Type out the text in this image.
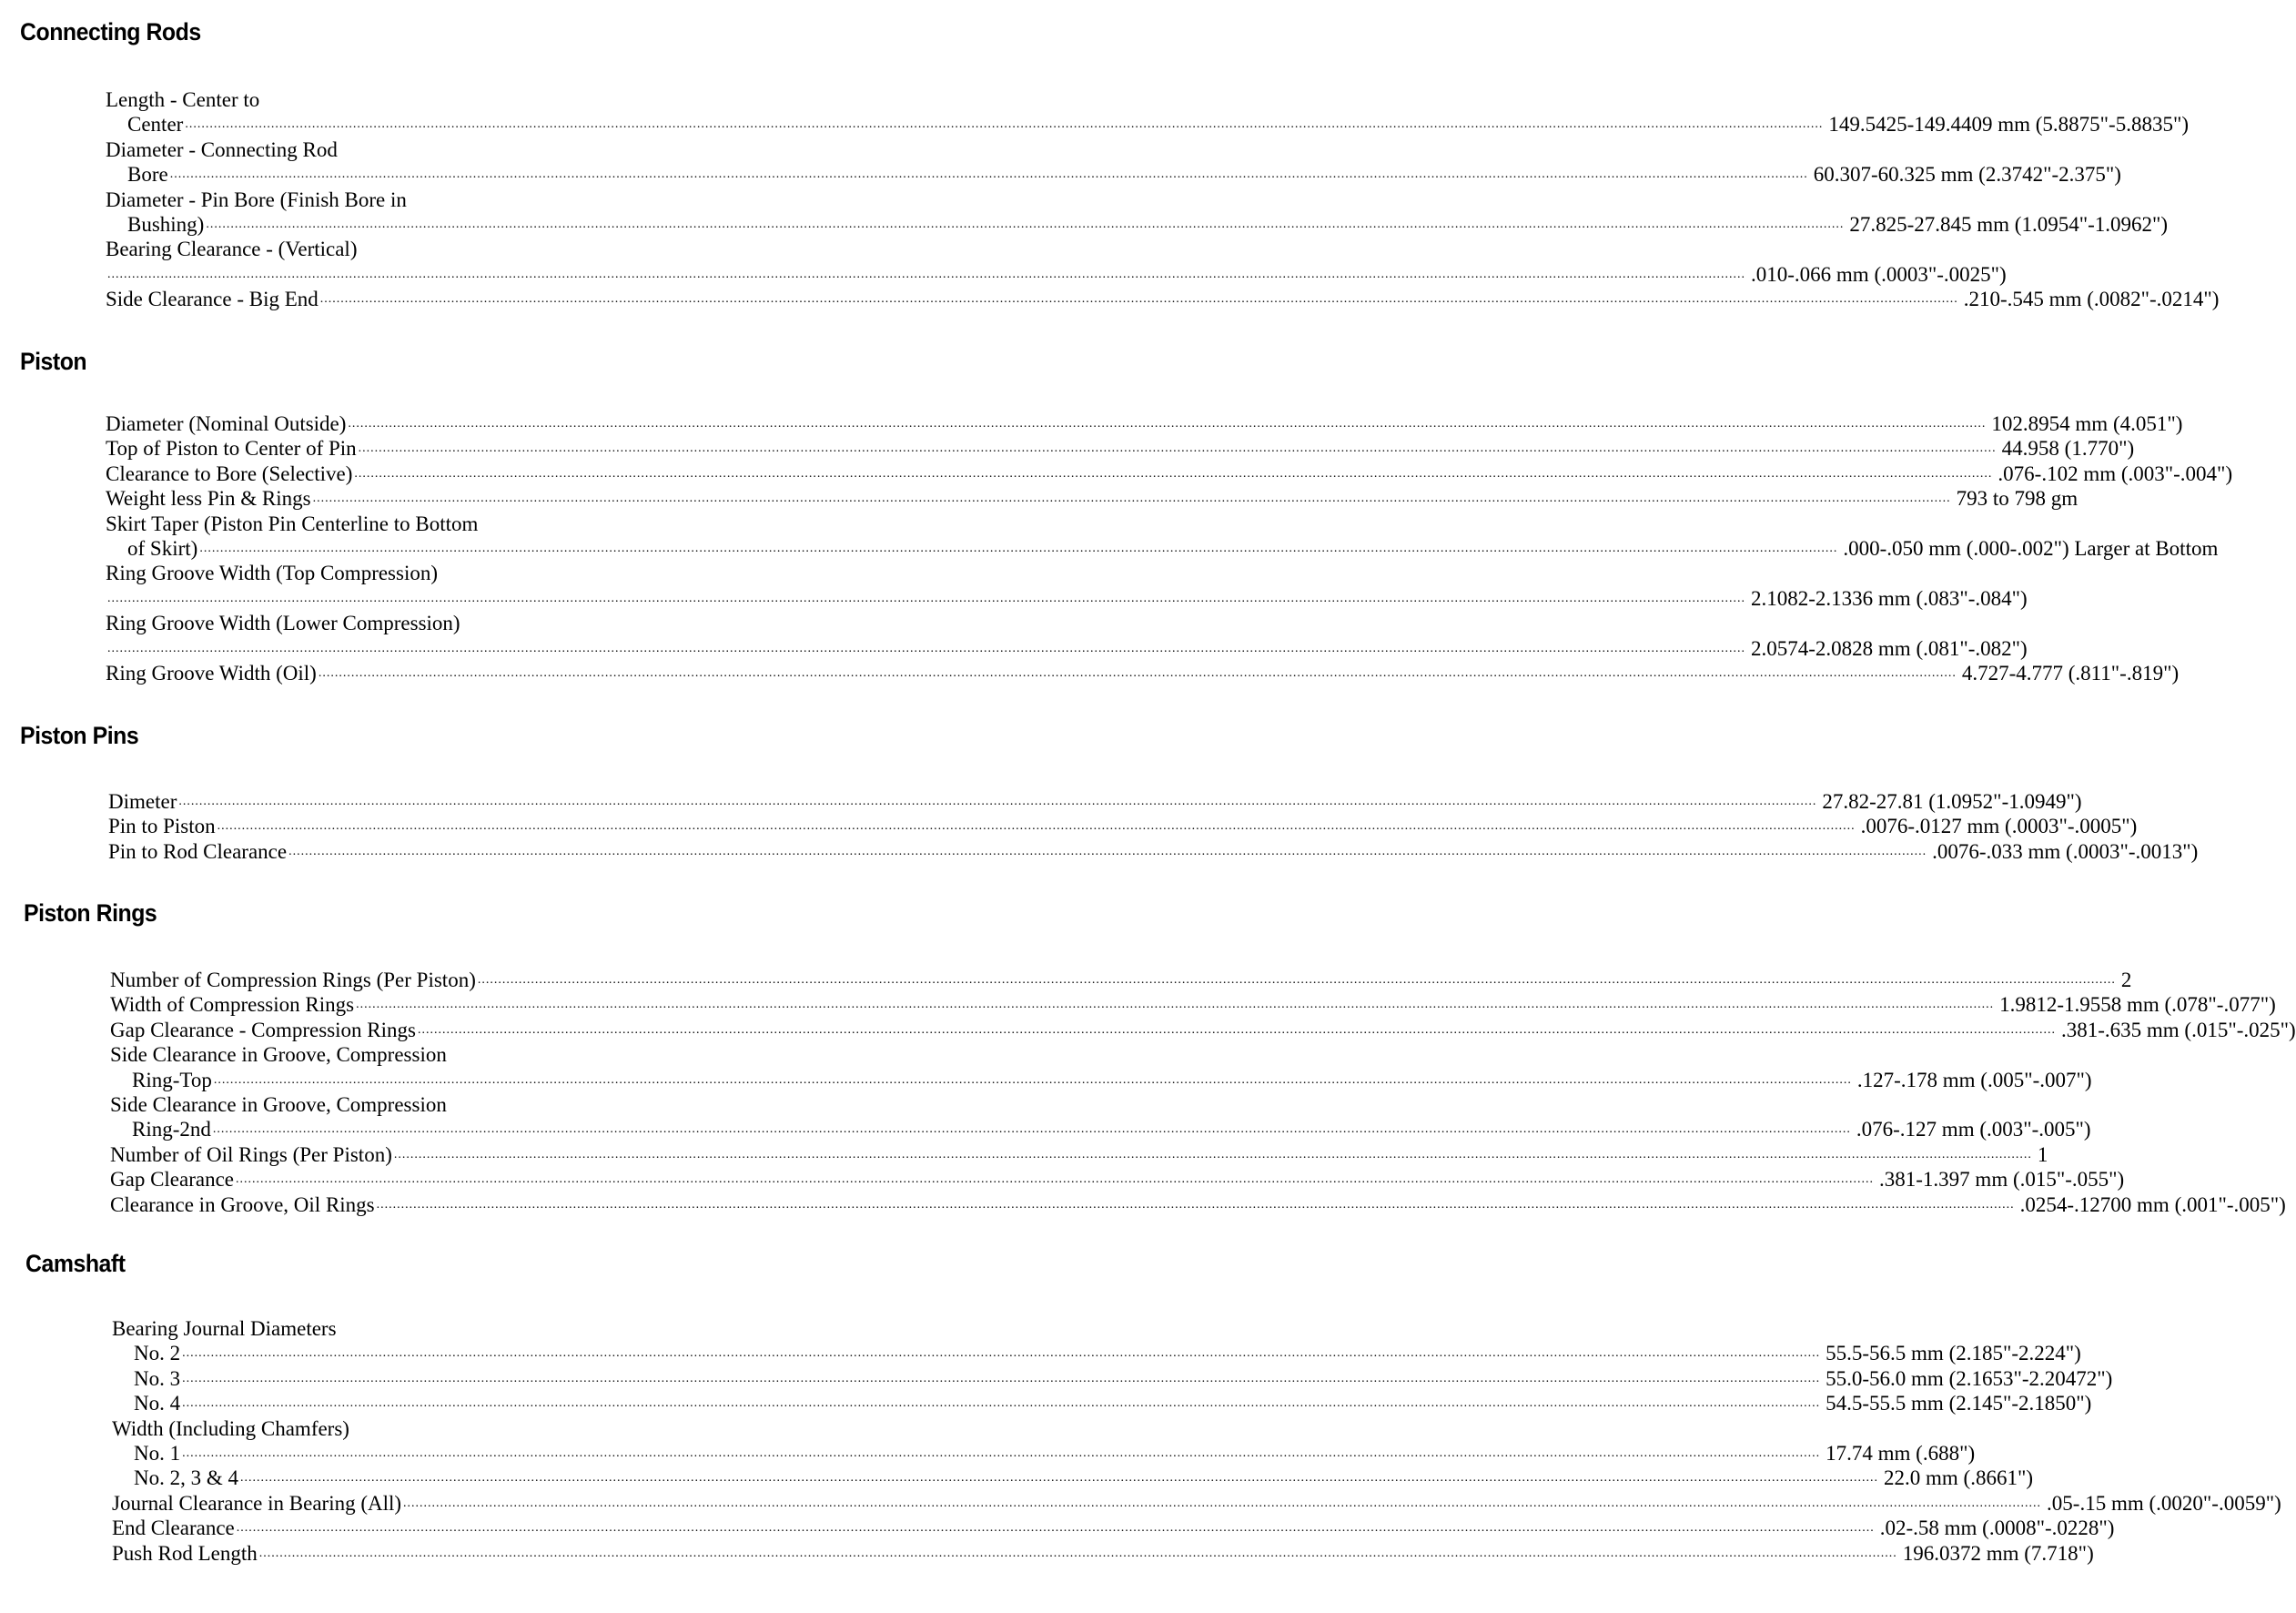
Connecting Rods
Length - Center to
Center ................................................................................................................................................................................................................................................................................................................................................................................................................ 149.5425-149.4409 mm (5.8875"-5.8835")
Diameter - Connecting Rod
Bore ................................................................................................................................................................................................................................................................................................................................................................................................................ 60.307-60.325 mm (2.3742"-2.375")
Diameter - Pin Bore (Finish Bore in
Bushing) ................................................................................................................................................................................................................................................................................................................................................................................................................ 27.825-27.845 mm (1.0954"-1.0962")
Bearing Clearance - (Vertical)
................................................................................................................................................................................................................................................................................................................................................................................................................ .010-.066 mm (.0003"-.0025")
Side Clearance - Big End ................................................................................................................................................................................................................................................................................................................................................................................................................ .210-.545 mm (.0082"-.0214")
Piston
Diameter (Nominal Outside) ................................................................................................................................................................................................................................................................................................................................................................................................................ 102.8954 mm (4.051")
Top of Piston to Center of Pin ................................................................................................................................................................................................................................................................................................................................................................................................................ 44.958 (1.770")
Clearance to Bore (Selective) ................................................................................................................................................................................................................................................................................................................................................................................................................ .076-.102 mm (.003"-.004")
Weight less Pin & Rings ................................................................................................................................................................................................................................................................................................................................................................................................................ 793 to 798 gm
Skirt Taper (Piston Pin Centerline to Bottom
of Skirt) ................................................................................................................................................................................................................................................................................................................................................................................................................ .000-.050 mm (.000-.002") Larger at Bottom
Ring Groove Width (Top Compression)
................................................................................................................................................................................................................................................................................................................................................................................................................ 2.1082-2.1336 mm (.083"-.084")
Ring Groove Width (Lower Compression)
................................................................................................................................................................................................................................................................................................................................................................................................................ 2.0574-2.0828 mm (.081"-.082")
Ring Groove Width (Oil) ................................................................................................................................................................................................................................................................................................................................................................................................................ 4.727-4.777 (.811"-.819")
Piston Pins
Dimeter ................................................................................................................................................................................................................................................................................................................................................................................................................ 27.82-27.81 (1.0952"-1.0949")
Pin to Piston ................................................................................................................................................................................................................................................................................................................................................................................................................ .0076-.0127 mm (.0003"-.0005")
Pin to Rod Clearance ................................................................................................................................................................................................................................................................................................................................................................................................................ .0076-.033 mm (.0003"-.0013")
Piston Rings
Number of Compression Rings (Per Piston) ................................................................................................................................................................................................................................................................................................................................................................................................................ 2
Width of Compression Rings ................................................................................................................................................................................................................................................................................................................................................................................................................ 1.9812-1.9558 mm (.078"-.077")
Gap Clearance - Compression Rings ................................................................................................................................................................................................................................................................................................................................................................................................................ .381-.635 mm (.015"-.025")
Side Clearance in Groove, Compression
Ring-Top ................................................................................................................................................................................................................................................................................................................................................................................................................ .127-.178 mm (.005"-.007")
Side Clearance in Groove, Compression
Ring-2nd ................................................................................................................................................................................................................................................................................................................................................................................................................ .076-.127 mm (.003"-.005")
Number of Oil Rings (Per Piston) ................................................................................................................................................................................................................................................................................................................................................................................................................ 1
Gap Clearance ................................................................................................................................................................................................................................................................................................................................................................................................................ .381-1.397 mm (.015"-.055")
Clearance in Groove, Oil Rings ................................................................................................................................................................................................................................................................................................................................................................................................................ .0254-.12700 mm (.001"-.005")
Camshaft
Bearing Journal Diameters
No. 2 ................................................................................................................................................................................................................................................................................................................................................................................................................ 55.5-56.5 mm (2.185"-2.224")
No. 3 ................................................................................................................................................................................................................................................................................................................................................................................................................ 55.0-56.0 mm (2.1653"-2.20472")
No. 4 ................................................................................................................................................................................................................................................................................................................................................................................................................ 54.5-55.5 mm (2.145"-2.1850")
Width (Including Chamfers)
No. 1 ................................................................................................................................................................................................................................................................................................................................................................................................................ 17.74 mm (.688")
No. 2, 3 & 4 ................................................................................................................................................................................................................................................................................................................................................................................................................ 22.0 mm (.8661")
Journal Clearance in Bearing (All) ................................................................................................................................................................................................................................................................................................................................................................................................................ .05-.15 mm (.0020"-.0059")
End Clearance ................................................................................................................................................................................................................................................................................................................................................................................................................ .02-.58 mm (.0008"-.0228")
Push Rod Length ................................................................................................................................................................................................................................................................................................................................................................................................................ 196.0372 mm (7.718")
